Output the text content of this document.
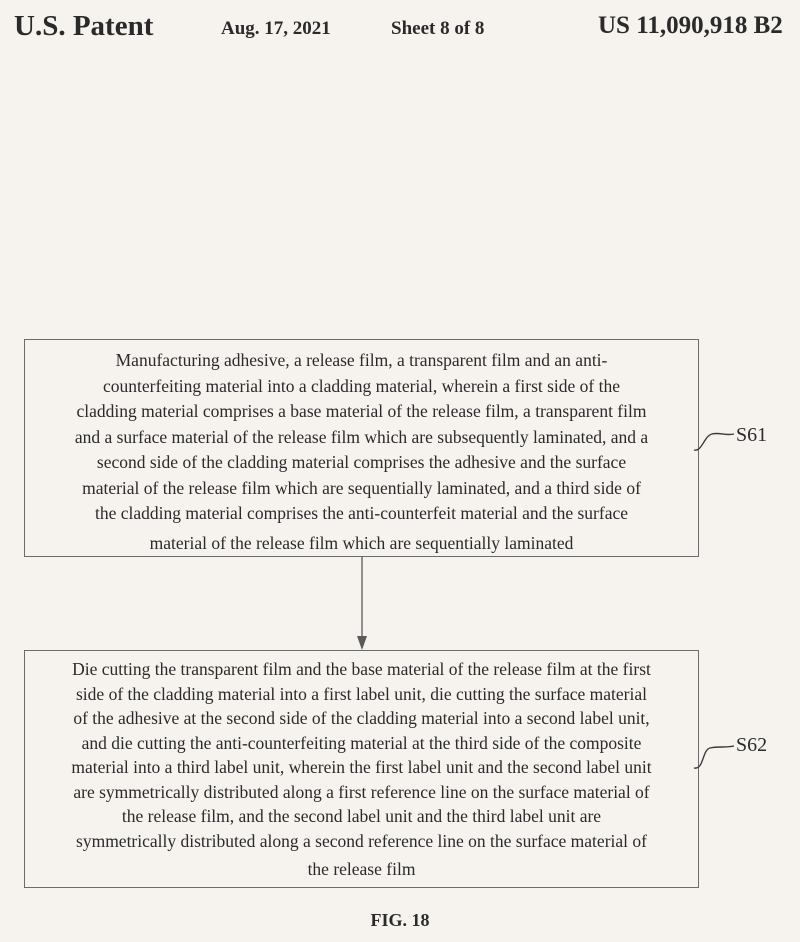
U.S. Patent	Aug. 17, 2021	Sheet 8 of 8	US 11,090,918 B2

Manufacturing adhesive, a release film, a transparent film and an anti-
counterfeiting material into a cladding material, wherein a first side of the
cladding material comprises a base material of the release film, a transparent film
and a surface material of the release film which are subsequently laminated, and a
second side of the cladding material comprises the adhesive and the surface
material of the release film which are sequentially laminated, and a third side of
the cladding material comprises the anti-counterfeit material and the surface
material of the release film which are sequentially laminated

S61

Die cutting the transparent film and the base material of the release film at the first
side of the cladding material into a first label unit, die cutting the surface material
of the adhesive at the second side of the cladding material into a second label unit,
and die cutting the anti-counterfeiting material at the third side of the composite
material into a third label unit, wherein the first label unit and the second label unit
are symmetrically distributed along a first reference line on the surface material of
the release film, and the second label unit and the third label unit are
symmetrically distributed along a second reference line on the surface material of
the release film

S62
FIG. 18
